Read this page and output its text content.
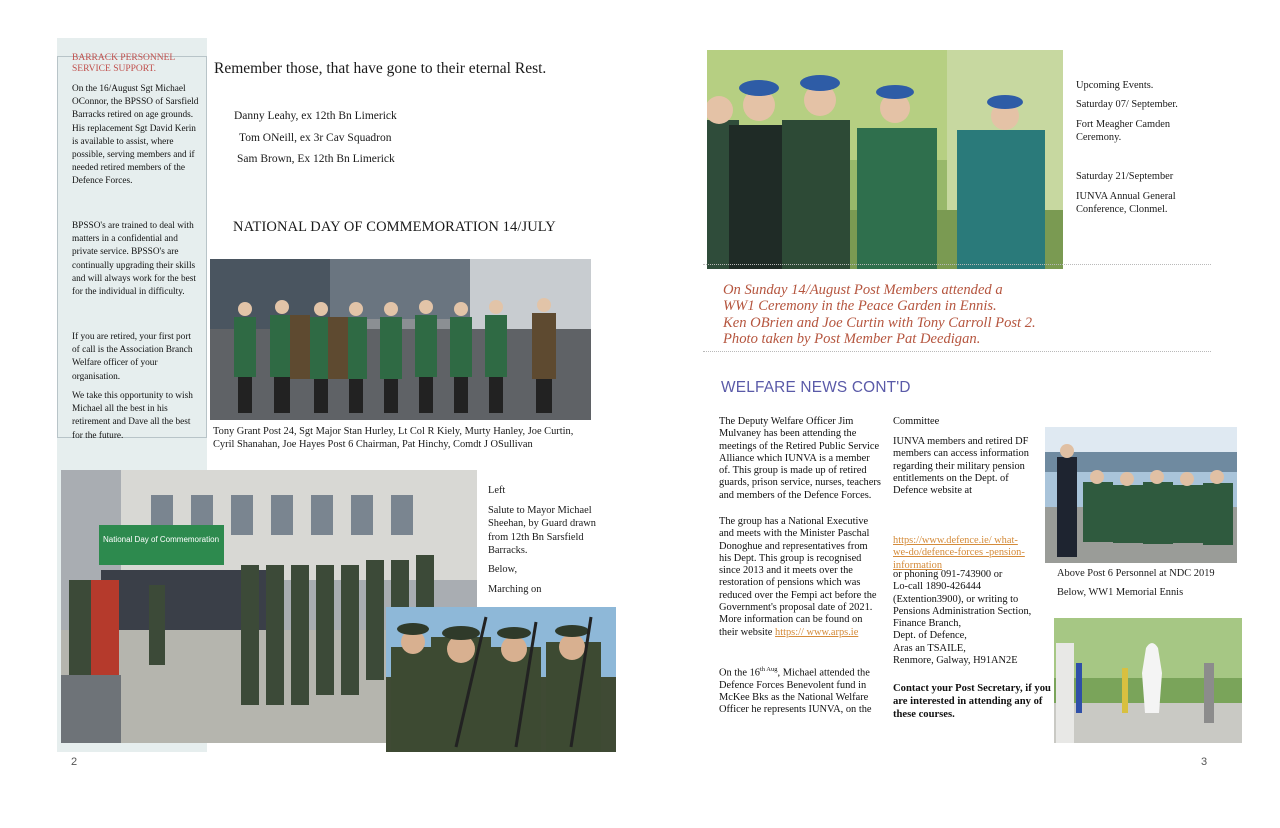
BARRACK PERSONNEL SERVICE SUPPORT.
On the 16/August Sgt Michael OConnor, the BPSSO of Sarsfield Barracks retired on age grounds. His replacement Sgt David Kerin is available to assist, where possible, serving members and if needed retired members of the Defence Forces.
BPSSO's are trained to deal with matters in a confidential and private service. BPSSO's are continually upgrading their skills and will always work for the best for the individual in difficulty.
If you are retired, your first port of call is the Association Branch Welfare officer of your organisation.
We take this opportunity to wish Michael all the best in his retirement and Dave all the best for the future.
Remember those, that have gone to their eternal Rest.
Danny Leahy, ex 12th Bn Limerick
Tom ONeill, ex 3r Cav Squadron
Sam Brown, Ex 12th Bn Limerick
NATIONAL DAY OF COMMEMORATION 14/JULY
Tony Grant Post 24, Sgt Major Stan Hurley, Lt Col R Kiely, Murty Hanley, Joe Curtin, Cyril Shanahan, Joe Hayes Post 6 Chairman, Pat Hinchy, Comdt J OSullivan
National Day of Commemoration
Left
Salute to Mayor Michael Sheehan, by Guard drawn from 12th Bn Sarsfield Barracks.
Below,
Marching on
2
Upcoming Events.
Saturday 07/ September.
Fort Meagher Camden Ceremony.
Saturday 21/September
IUNVA Annual General Conference, Clonmel.
On Sunday 14/August Post Members attended a
WW1 Ceremony in the Peace Garden in Ennis.
Ken OBrien and Joe Curtin with Tony Carroll Post 2.
Photo taken by Post Member Pat Deedigan.
WELFARE NEWS CONT'D
The Deputy Welfare Officer Jim Mulvaney has been attending the meetings of the Retired Public Service Alliance which IUNVA is a member of. This group is made up of retired guards, prison service, nurses, teachers and members of the Defence Forces.
The group has a National Executive and meets with the Minister Paschal Donoghue and representatives from his Dept. This group is recognised since 2013 and it meets over the restoration of pensions which was reduced over the Fempi act before the Government's proposal date of 2021. More information can be found on their website https:// www.arps.ie
On the $16^{th Aug}$, Michael attended the Defence Forces Benevolent fund in McKee Bks as the National Welfare Officer he represents IUNVA, on the
Committee
IUNVA members and retired DF members can access information regarding their military pension entitlements on the Dept. of Defence website at
https://www.defence.ie/ what-we-do/defence-forces -pension-information
or phoning 091-743900 or
Lo-call 1890-426444
(Extention3900), or writing to
Pensions Administration Section,
Finance Branch,
Dept. of Defence,
Aras an TSAILE,
Renmore, Galway, H91AN2E
Contact your Post Secretary, if you are interested in attending any of these courses.
Above Post 6 Personnel at NDC 2019
Below, WW1 Memorial Ennis
3
